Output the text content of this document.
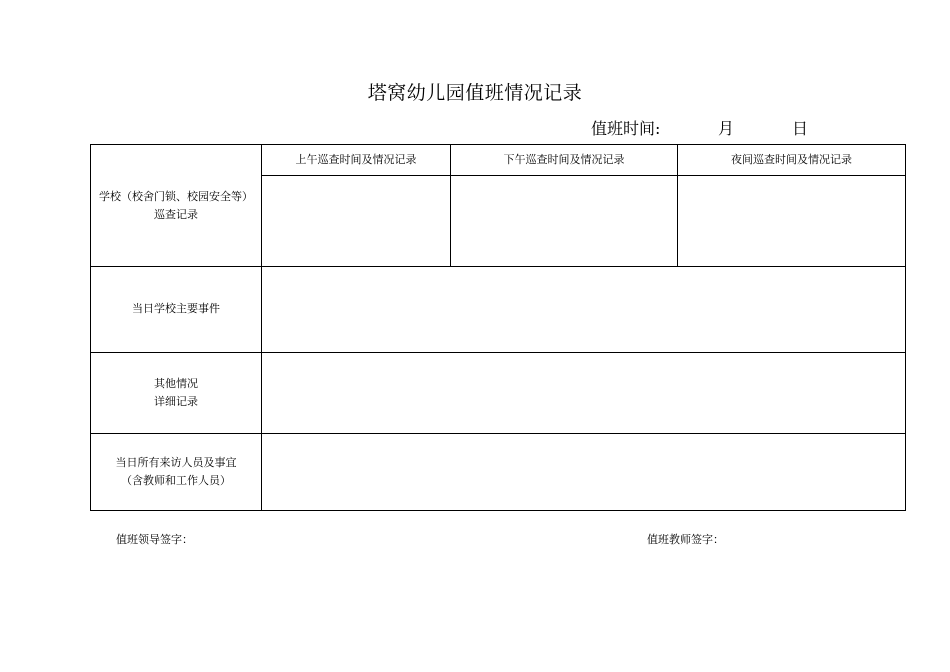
塔窝幼儿园值班情况记录
值班时间:	月	日
学校（校舍门锁、校园安全等）
巡查记录	上午巡查时间及情况记录	下午巡查时间及情况记录	夜间巡查时间及情况记录

当日学校主要事件			

其他情况
详细记录			

当日所有来访人员及事宜
（含教师和工作人员）			

值班领导签字：	值班教师签字：
